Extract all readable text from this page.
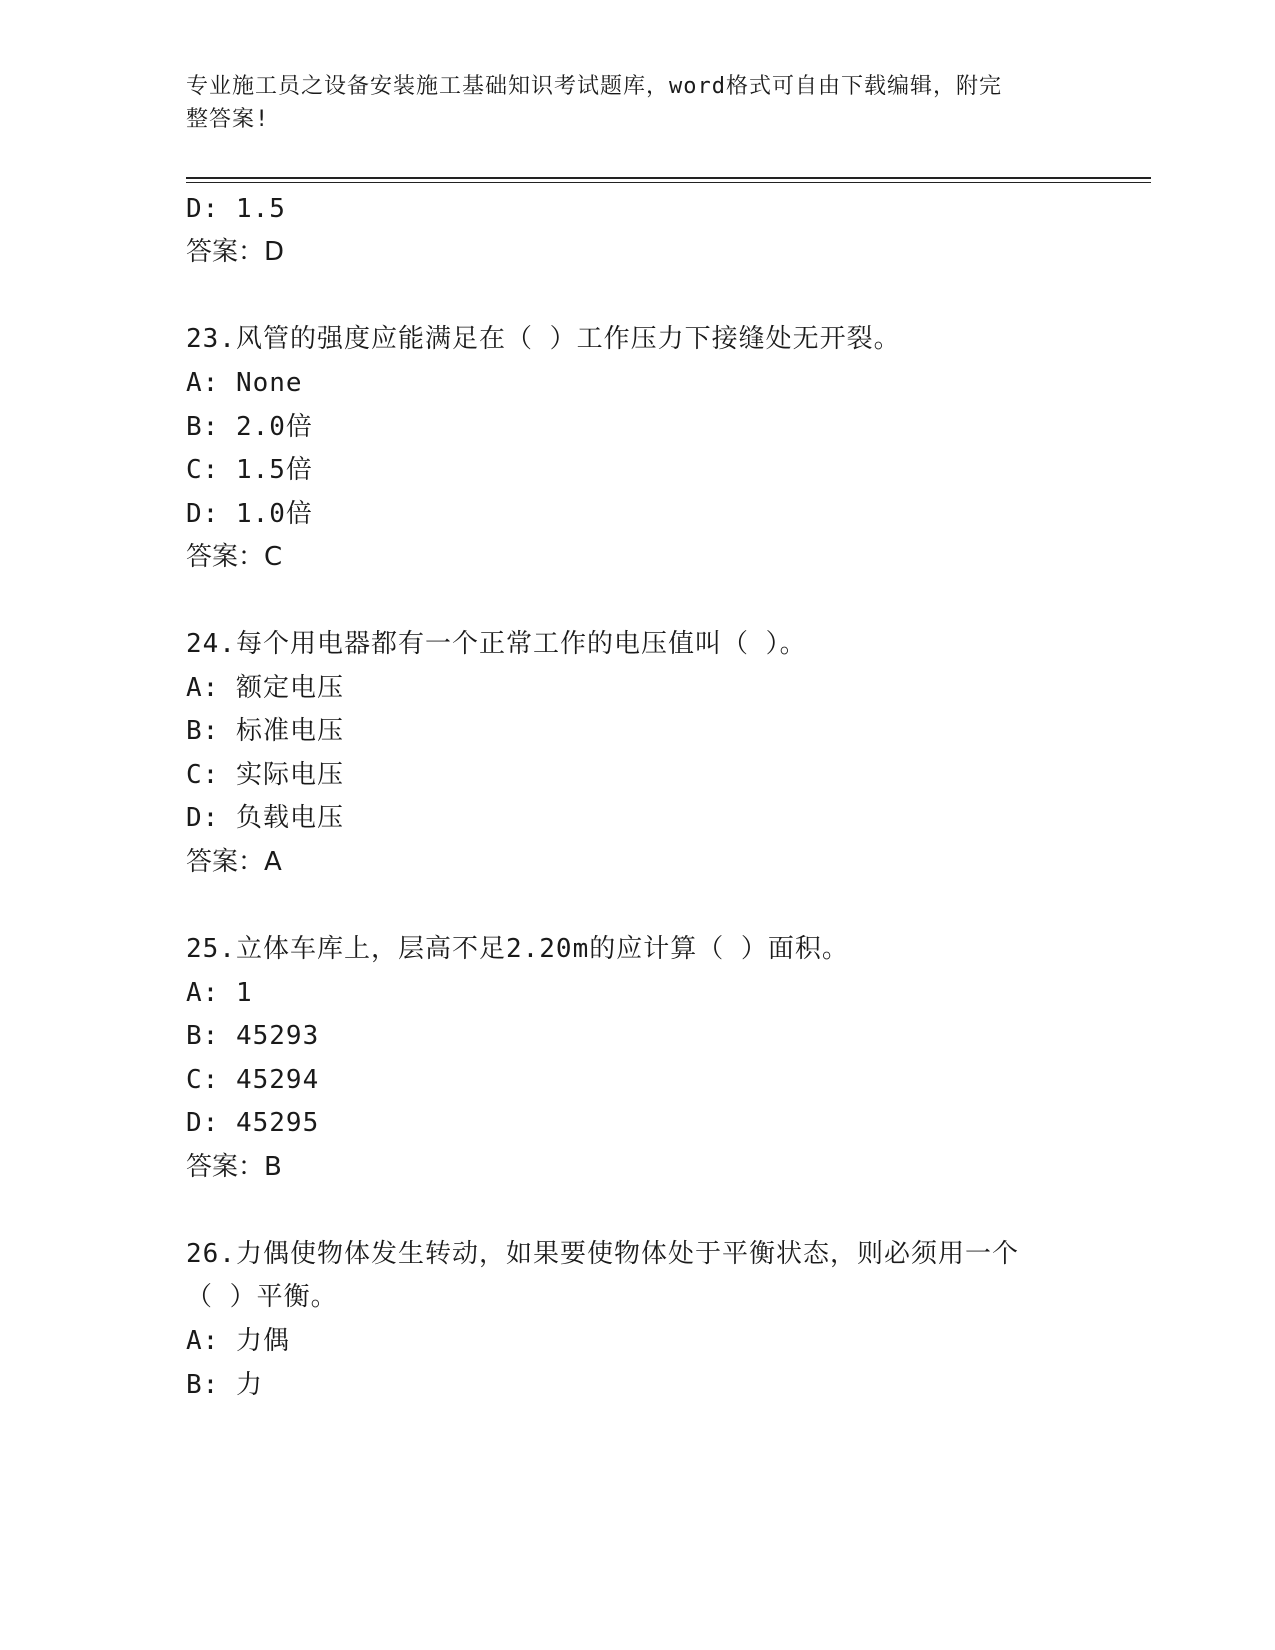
专业施工员之设备安装施工基础知识考试题库，word格式可自由下载编辑，附完
整答案!
D: 1.5
答案：D
23.风管的强度应能满足在（ ）工作压力下接缝处无开裂。
A: None
B: 2.0倍
C: 1.5倍
D: 1.0倍
答案：C
24.每个用电器都有一个正常工作的电压值叫（ ）。
A: 额定电压
B: 标准电压
C: 实际电压
D: 负载电压
答案：A
25.立体车库上，层高不足2.20m的应计算（ ）面积。
A: 1
B: 45293
C: 45294
D: 45295
答案：B
26.力偶使物体发生转动，如果要使物体处于平衡状态，则必须用一个
（ ）平衡。
A: 力偶
B: 力
